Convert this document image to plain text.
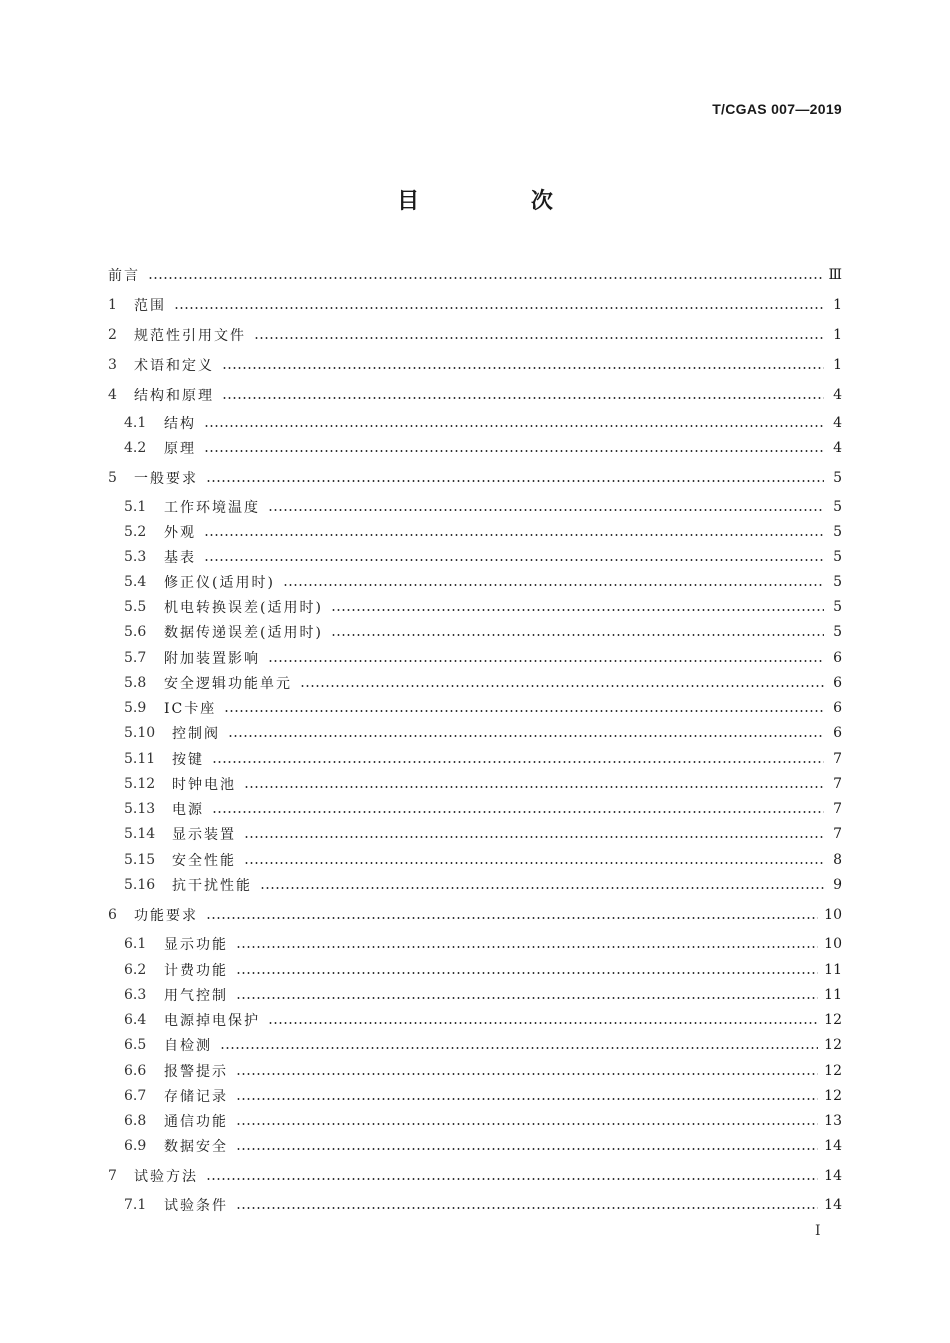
T/CGAS 007—2019
目 次
前言	Ⅲ
1	范围	1
2	规范性引用文件	1
3	术语和定义	1
4	结构和原理	4
4.1	结构	4
4.2	原理	4
5	一般要求	5
5.1	工作环境温度	5
5.2	外观	5
5.3	基表	5
5.4	修正仪(适用时)	5
5.5	机电转换误差(适用时)	5
5.6	数据传递误差(适用时)	5
5.7	附加装置影响	6
5.8	安全逻辑功能单元	6
5.9	IC卡座	6
5.10	控制阀	6
5.11	按键	7
5.12	时钟电池	7
5.13	电源	7
5.14	显示装置	7
5.15	安全性能	8
5.16	抗干扰性能	9
6	功能要求	10
6.1	显示功能	10
6.2	计费功能	11
6.3	用气控制	11
6.4	电源掉电保护	12
6.5	自检测	12
6.6	报警提示	12
6.7	存储记录	12
6.8	通信功能	13
6.9	数据安全	14
7	试验方法	14
7.1	试验条件	14
I
